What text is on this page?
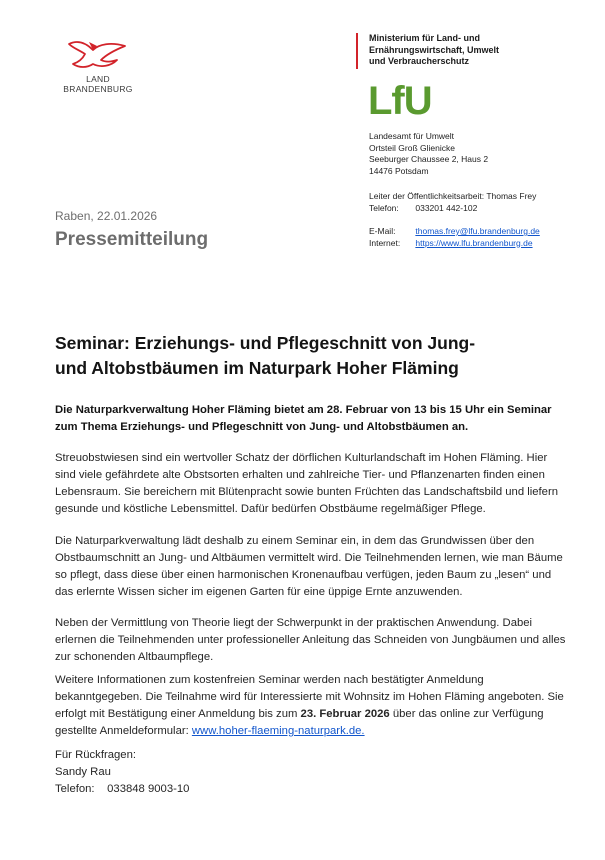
LAND
BRANDENBURG
Ministerium für Land- und
Ernährungswirtschaft, Umwelt
und Verbraucherschutz
LfU
Landesamt für Umwelt
Ortsteil Groß Glienicke
Seeburger Chaussee 2, Haus 2
14476 Potsdam
Leiter der Öffentlichkeitsarbeit: Thomas Frey
Telefon: 033201 442-102
E-Mail: thomas.frey@lfu.brandenburg.de
Internet: https://www.lfu.brandenburg.de
Raben, 22.01.2026
Pressemitteilung
Seminar: Erziehungs- und Pflegeschnitt von Jung-
und Altobstbäumen im Naturpark Hoher Fläming
Die Naturparkverwaltung Hoher Fläming bietet am 28. Februar von 13 bis 15 Uhr ein Seminar zum Thema Erziehungs- und Pflegeschnitt von Jung- und Altobstbäumen an.
Streuobstwiesen sind ein wertvoller Schatz der dörflichen Kulturlandschaft im Hohen Fläming. Hier sind viele gefährdete alte Obstsorten erhalten und zahlreiche Tier- und Pflanzenarten finden einen Lebensraum. Sie bereichern mit Blütenpracht sowie bunten Früchten das Landschaftsbild und liefern gesunde und köstliche Lebensmittel. Dafür bedürfen Obstbäume regelmäßiger Pflege.
Die Naturparkverwaltung lädt deshalb zu einem Seminar ein, in dem das Grundwissen über den Obstbaumschnitt an Jung- und Altbäumen vermittelt wird. Die Teilnehmenden lernen, wie man Bäume so pflegt, dass diese über einen harmonischen Kronenaufbau verfügen, jeden Baum zu „lesen“ und das erlernte Wissen sicher im eigenen Garten für eine üppige Ernte anzuwenden.
Neben der Vermittlung von Theorie liegt der Schwerpunkt in der praktischen Anwendung. Dabei erlernen die Teilnehmenden unter professioneller Anleitung das Schneiden von Jungbäumen und alles zur schonenden Altbaumpflege.
Weitere Informationen zum kostenfreien Seminar werden nach bestätigter Anmeldung bekanntgegeben. Die Teilnahme wird für Interessierte mit Wohnsitz im Hohen Fläming angeboten. Sie erfolgt mit Bestätigung einer Anmeldung bis zum 23. Februar 2026 über das online zur Verfügung gestellte Anmeldeformular: www.hoher-flaeming-naturpark.de.
Für Rückfragen:
Sandy Rau
Telefon: 033848 9003-10
